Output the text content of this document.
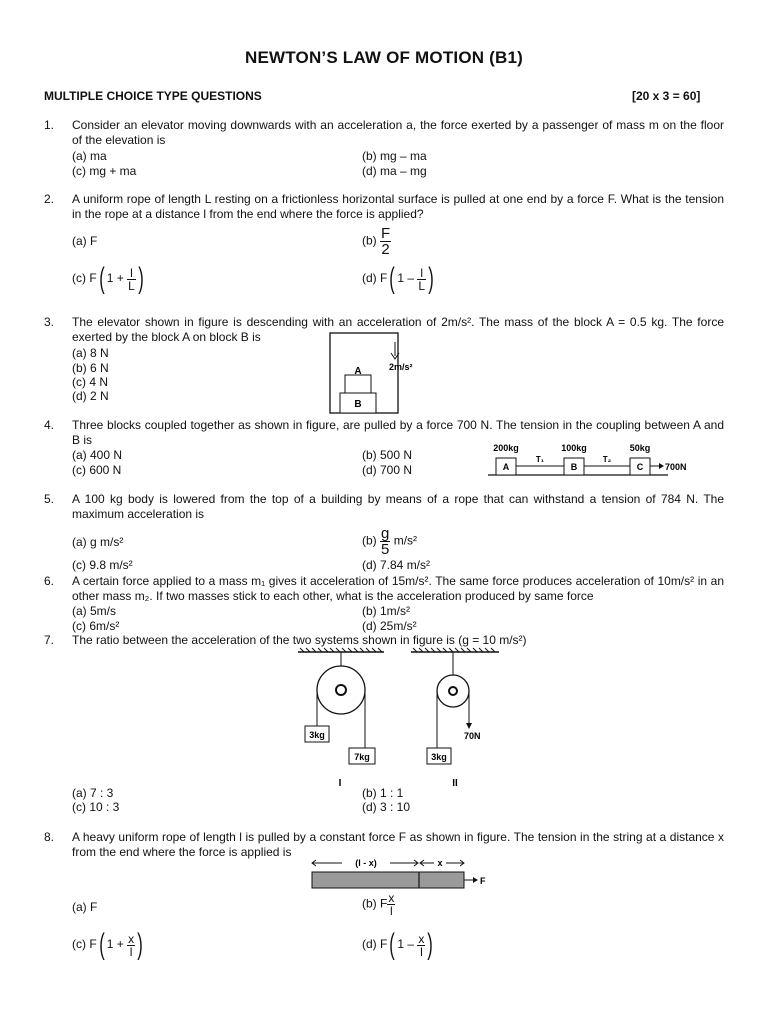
NEWTON’S LAW OF MOTION (B1)
MULTIPLE CHOICE TYPE QUESTIONS	[20 x 3 = 60]
1. Consider an elevator moving downwards with an acceleration a, the force exerted by a passenger of mass m on the floor of the elevation is
(a) ma	(b) mg – ma
(c) mg + ma	(d) ma – mg
2. A uniform rope of length L resting on a frictionless horizontal surface is pulled at one end by a force F. What is the tension in the rope at a distance l from the end where the force is applied?
(a) F	$(b) \frac{F}{2}$
(c) F( $1 + \frac{l}{L}$ )	(d) F( $1 - \frac{l}{L}$ )
3. The elevator shown in figure is descending with an acceleration of 2m/s². The mass of the block A = 0.5 kg. The force exerted by the block A on block B is
(a) 8 N
(b) 6 N
(c) 4 N
(d) 2 N
A
B
2m/s²
4. Three blocks coupled together as shown in figure, are pulled by a force 700 N. The tension in the coupling between A and B is
(a) 400 N	(b) 500 N
(c) 600 N	(d) 700 N
200kg	100kg	50kg
A	B	C
T₁	T₂
700N
5. A 100 kg body is lowered from the top of a building by means of a rope that can withstand a tension of 784 N. The maximum acceleration is
(a) g m/s²	$(b) \frac{g}{5} m/s^2$
(c) 9.8 m/s²	(d) 7.84 m/s²
6. A certain force applied to a mass m₁ gives it acceleration of 15m/s². The same force produces acceleration of 10m/s² in an other mass m₂. If two masses stick to each other, what is the acceleration produced by same force
(a) 5m/s	(b) 1m/s²
(c) 6m/s²	(d) 25m/s²
7. The ratio between the acceleration of the two systems shown in figure is (g = 10 m/s²)
(a) 7 : 3	(b) 1 : 1
(c) 10 : 3	(d) 3 : 10
3kg
7kg
I
70N
3kg
II
8. A heavy uniform rope of length l is pulled by a constant force F as shown in figure. The tension in the string at a distance x from the end where the force is applied is
(a) F	(b) F $\frac{x}{l}$
(c) F( $1 + \frac{x}{l}$ )	(d) F( $1 - \frac{x}{l}$ )
(l - x)	x
F
